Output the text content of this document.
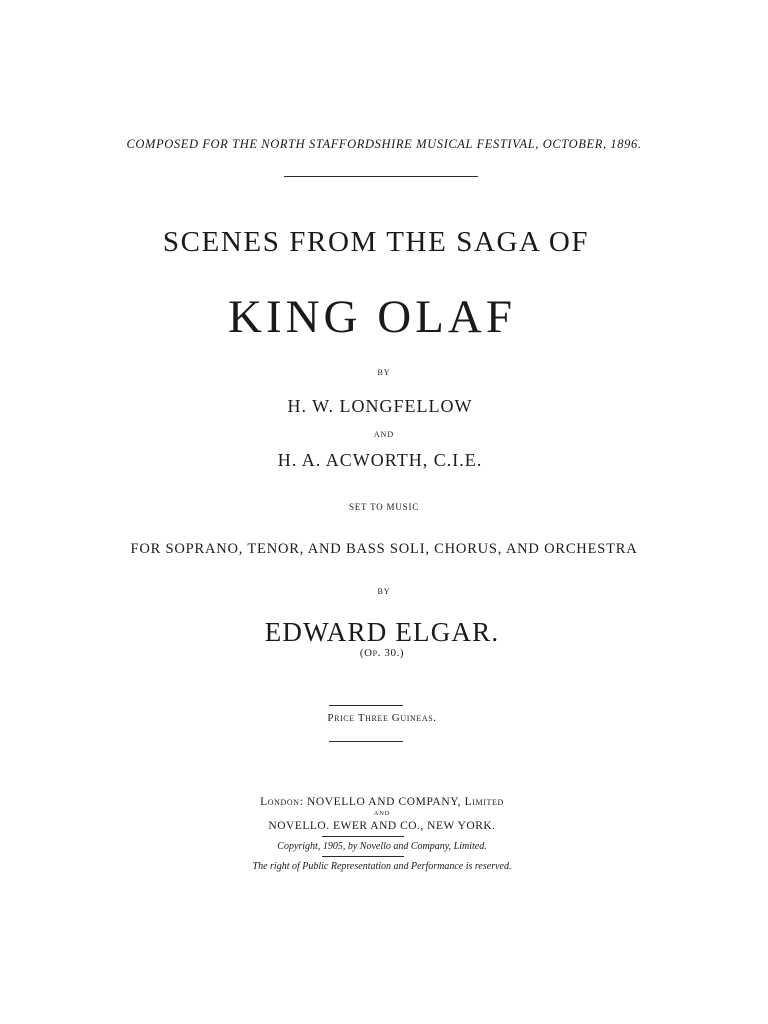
COMPOSED FOR THE NORTH STAFFORDSHIRE MUSICAL FESTIVAL, OCTOBER, 1896.
SCENES FROM THE SAGA OF
KING OLAF
BY
H. W. LONGFELLOW
AND
H. A. ACWORTH, C.I.E.
SET TO MUSIC
FOR SOPRANO, TENOR, AND BASS SOLI, CHORUS, AND ORCHESTRA
BY
EDWARD ELGAR.
(Op. 30.)
Price Three Guineas.
London: NOVELLO AND COMPANY, Limited
AND
NOVELLO. EWER AND CO., NEW YORK.
Copyright, 1905, by Novello and Company, Limited.
The right of Public Representation and Performance is reserved.
